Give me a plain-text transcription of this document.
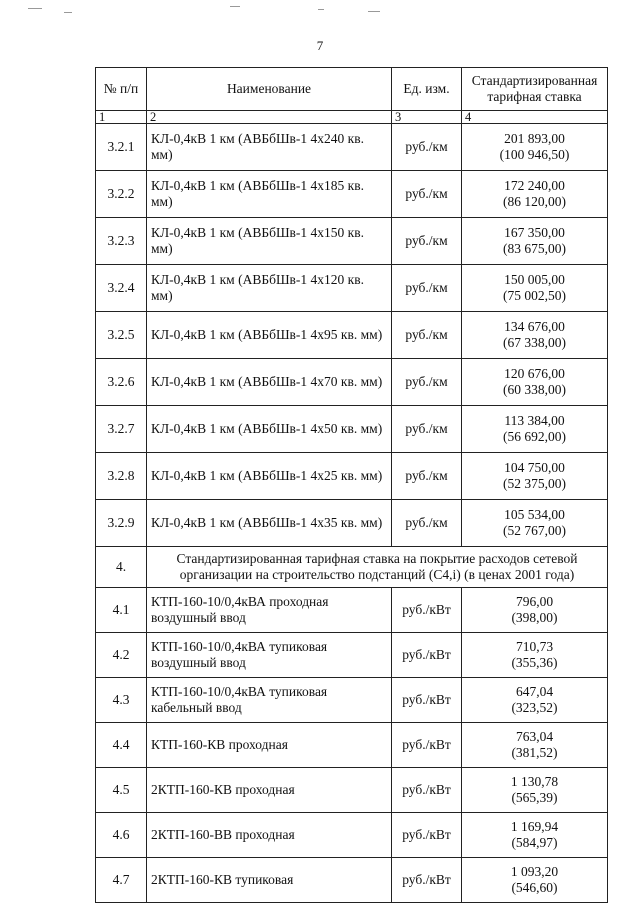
7
№ п/п	Наименование	Ед. изм.	Стандартизированная тарифная ставка
1	2	3	4
3.2.1	КЛ-0,4кВ 1 км (АВБбШв-1 4х240 кв. мм)	руб./км	201 893,00
(100 946,50)

3.2.2	КЛ-0,4кВ 1 км (АВБбШв-1 4х185 кв. мм)	руб./км	172 240,00
(86 120,00)

3.2.3	КЛ-0,4кВ 1 км (АВБбШв-1 4х150 кв. мм)	руб./км	167 350,00
(83 675,00)

3.2.4	КЛ-0,4кВ 1 км (АВБбШв-1 4х120 кв. мм)	руб./км	150 005,00
(75 002,50)

3.2.5	КЛ-0,4кВ 1 км (АВБбШв-1 4х95 кв. мм)	руб./км	134 676,00
(67 338,00)

3.2.6	КЛ-0,4кВ 1 км (АВБбШв-1 4х70 кв. мм)	руб./км	120 676,00
(60 338,00)

3.2.7	КЛ-0,4кВ 1 км (АВБбШв-1 4х50 кв. мм)	руб./км	113 384,00
(56 692,00)

3.2.8	КЛ-0,4кВ 1 км (АВБбШв-1 4х25 кв. мм)	руб./км	104 750,00
(52 375,00)

3.2.9	КЛ-0,4кВ 1 км (АВБбШв-1 4х35 кв. мм)	руб./км	105 534,00
(52 767,00)

4.	Стандартизированная тарифная ставка на покрытие расходов сетевой организации на строительство подстанций (С4,i) (в ценах 2001 года)		
4.1	КТП-160-10/0,4кВА проходная воздушный ввод	руб./кВт	796,00
(398,00)

4.2	КТП-160-10/0,4кВА тупиковая воздушный ввод	руб./кВт	710,73
(355,36)

4.3	КТП-160-10/0,4кВА тупиковая кабельный ввод	руб./кВт	647,04
(323,52)

4.4	КТП-160-КВ проходная	руб./кВт	763,04
(381,52)

4.5	2КТП-160-КВ проходная	руб./кВт	1 130,78
(565,39)

4.6	2КТП-160-ВВ проходная	руб./кВт	1 169,94
(584,97)

4.7	2КТП-160-КВ тупиковая	руб./кВт	1 093,20
(546,60)
